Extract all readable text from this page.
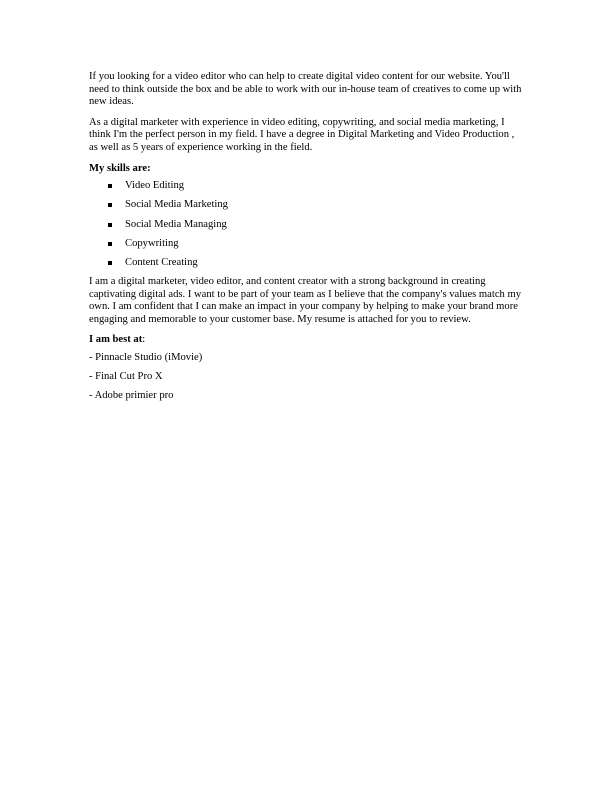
If you looking for a video editor who can help to create digital video content for our website. You'll need to think outside the box and be able to work with our in-house team of creatives to come up with new ideas.

As a digital marketer with experience in video editing, copywriting, and social media marketing, I think I'm the perfect person in my field. I have a degree in Digital Marketing and Video Production , as well as 5 years of experience working in the field.

My skills are:

Video Editing
Social Media Marketing
Social Media Managing
Copywriting
Content Creating

I am a digital marketer, video editor, and content creator with a strong background in creating captivating digital ads. I want to be part of your team as I believe that the company's values match my own. I am confident that I can make an impact in your company by helping to make your brand more engaging and memorable to your customer base. My resume is attached for you to review.

I am best at:

- Pinnacle Studio (iMovie)
- Final Cut Pro X
- Adobe primier pro
